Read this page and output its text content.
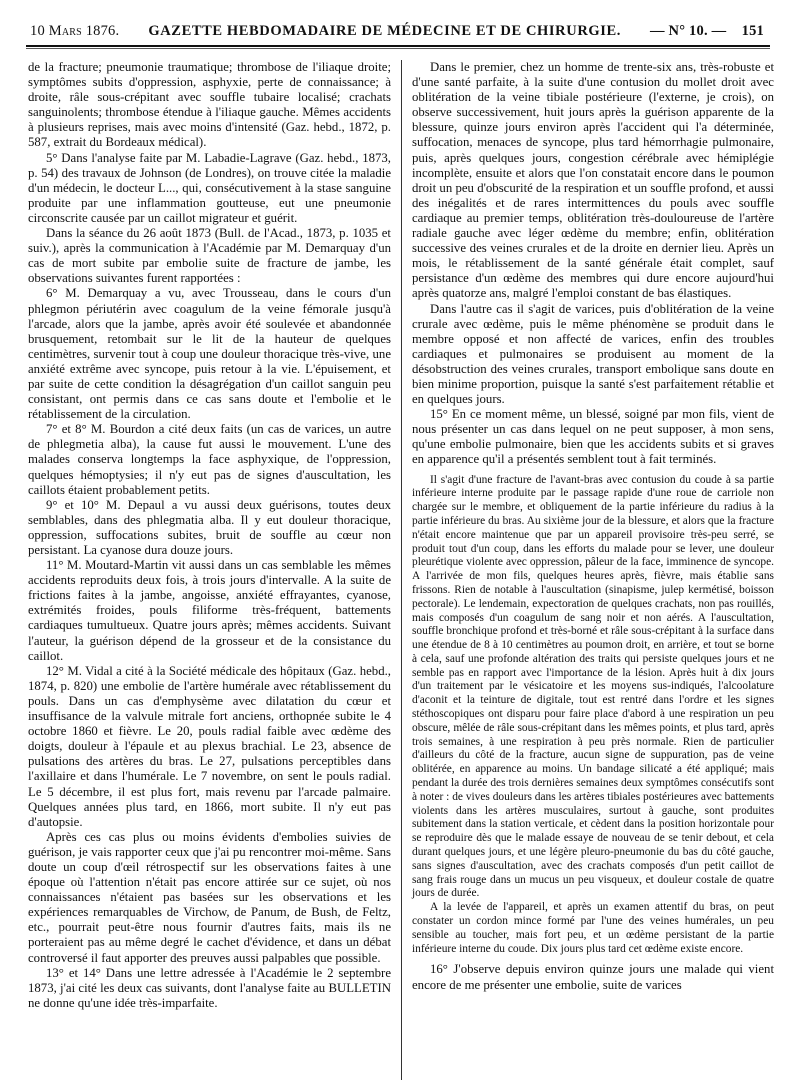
10 Mars 1876. GAZETTE HEBDOMADAIRE DE MÉDECINE ET DE CHIRURGIE. — N° 10. — 151

de la fracture; pneumonie traumatique; thrombose de l'iliaque droite; symptômes subits d'oppression, asphyxie, perte de connaissance; à droite, râle sous-crépitant avec souffle tubaire localisé; crachats sanguinolents; thrombose étendue à l'iliaque gauche. Mêmes accidents à plusieurs reprises, mais avec moins d'intensité (Gaz. hebd., 1872, p. 587, extrait du Bordeaux médical).

5° Dans l'analyse faite par M. Labadie-Lagrave (Gaz. hebd., 1873, p. 54) des travaux de Johnson (de Londres), on trouve citée la maladie d'un médecin, le docteur L..., qui, consécutivement à la stase sanguine produite par une inflammation goutteuse, eut une pneumonie circonscrite causée par un caillot migrateur et guérit.

Dans la séance du 26 août 1873 (Bull. de l'Acad., 1873, p. 1035 et suiv.), après la communication à l'Académie par M. Demarquay d'un cas de mort subite par embolie suite de fracture de jambe, les observations suivantes furent rapportées :

6° M. Demarquay a vu, avec Trousseau, dans le cours d'un phlegmon périutérin avec coagulum de la veine fémorale jusqu'à l'arcade, alors que la jambe, après avoir été soulevée et abandonnée brusquement, retombait sur le lit de la hauteur de quelques centimètres, survenir tout à coup une douleur thoracique très-vive, une anxiété extrême avec syncope, puis retour à la vie. L'épuisement, et par suite de cette condition la désagrégation d'un caillot sanguin peu consistant, ont permis dans ce cas sans doute et l'embolie et le rétablissement de la circulation.

7° et 8° M. Bourdon a cité deux faits (un cas de varices, un autre de phlegmetia alba), la cause fut aussi le mouvement. L'une des malades conserva longtemps la face asphyxique, de l'oppression, quelques hémoptysies; il n'y eut pas de signes d'auscultation, les caillots étaient probablement petits.

9° et 10° M. Depaul a vu aussi deux guérisons, toutes deux semblables, dans des phlegmatia alba. Il y eut douleur thoracique, oppression, suffocations subites, bruit de souffle au cœur non persistant. La cyanose dura douze jours.

11° M. Moutard-Martin vit aussi dans un cas semblable les mêmes accidents reproduits deux fois, à trois jours d'intervalle. A la suite de frictions faites à la jambe, angoisse, anxiété effrayantes, cyanose, extrémités froides, pouls filiforme très-fréquent, battements cardiaques tumultueux. Quatre jours après; mêmes accidents. Suivant l'auteur, la guérison dépend de la grosseur et de la consistance du caillot.

12° M. Vidal a cité à la Société médicale des hôpitaux (Gaz. hebd., 1874, p. 820) une embolie de l'artère humérale avec rétablissement du pouls. Dans un cas d'emphysème avec dilatation du cœur et insuffisance de la valvule mitrale fort anciens, orthopnée subite le 4 octobre 1860 et fièvre. Le 20, pouls radial faible avec œdème des doigts, douleur à l'épaule et au plexus brachial. Le 23, absence de pulsations des artères du bras. Le 27, pulsations perceptibles dans l'axillaire et dans l'humérale. Le 7 novembre, on sent le pouls radial. Le 5 décembre, il est plus fort, mais revenu par l'arcade palmaire. Quelques années plus tard, en 1866, mort subite. Il n'y eut pas d'autopsie.

Après ces cas plus ou moins évidents d'embolies suivies de guérison, je vais rapporter ceux que j'ai pu rencontrer moi-même. Sans doute un coup d'œil rétrospectif sur les observations faites à une époque où l'attention n'était pas encore attirée sur ce sujet, où nos connaissances n'étaient pas basées sur les observations et les expériences remarquables de Virchow, de Panum, de Bush, de Feltz, etc., pourrait peut-être nous fournir d'autres faits, mais ils ne porteraient pas au même degré le cachet d'évidence, et dans un débat controversé il faut apporter des preuves aussi palpables que possible.

13° et 14° Dans une lettre adressée à l'Académie le 2 septembre 1873, j'ai cité les deux cas suivants, dont l'analyse faite au BULLETIN ne donne qu'une idée très-imparfaite.

Dans le premier, chez un homme de trente-six ans, très-robuste et d'une santé parfaite, à la suite d'une contusion du mollet droit avec oblitération de la veine tibiale postérieure (l'externe, je crois), on observe successivement, huit jours après la guérison apparente de la blessure, quinze jours environ après l'accident qui l'a déterminée, suffocation, menaces de syncope, plus tard hémorrhagie pulmonaire, puis, après quelques jours, congestion cérébrale avec hémiplégie incomplète, ensuite et alors que l'on constatait encore dans le poumon droit un peu d'obscurité de la respiration et un souffle profond, et aussi des inégalités et de rares intermittences du pouls avec souffle cardiaque au premier temps, oblitération très-douloureuse de l'artère radiale gauche avec léger œdème du membre; enfin, oblitération successive des veines crurales et de la droite en dernier lieu. Après un mois, le rétablissement de la santé générale était complet, sauf persistance d'un œdème des membres qui dure encore aujourd'hui après quatorze ans, malgré l'emploi constant de bas élastiques.

Dans l'autre cas il s'agit de varices, puis d'oblitération de la veine crurale avec œdème, puis le même phénomène se produit dans le membre opposé et non affecté de varices, enfin des troubles cardiaques et pulmonaires se produisent au moment de la désobstruction des veines crurales, transport embolique sans doute en bien minime proportion, puisque la santé s'est parfaitement rétablie et en quelques jours.

15° En ce moment même, un blessé, soigné par mon fils, vient de nous présenter un cas dans lequel on ne peut supposer, à mon sens, qu'une embolie pulmonaire, bien que les accidents subits et si graves en apparence qu'il a présentés semblent tout à fait terminés.

Il s'agit d'une fracture de l'avant-bras avec contusion du coude à sa partie inférieure interne produite par le passage rapide d'une roue de carriole non chargée sur le membre, et obliquement de la partie inférieure du radius à la partie inférieure du bras. Au sixième jour de la blessure, et alors que la fracture n'était encore maintenue que par un appareil provisoire très-peu serré, se produit tout d'un coup, dans les efforts du malade pour se lever, une douleur pleurétique violente avec oppression, pâleur de la face, imminence de syncope. A l'arrivée de mon fils, quelques heures après, fièvre, mais établie sans frissons. Rien de notable à l'auscultation (sinapisme, julep kermétisé, boisson pectorale). Le lendemain, expectoration de quelques crachats, non pas rouillés, mais composés d'un coagulum de sang noir et non aérés. A l'auscultation, souffle bronchique profond et très-borné et râle sous-crépitant à la surface dans une étendue de 8 à 10 centimètres au poumon droit, en arrière, et tout se borne à cela, sauf une profonde altération des traits qui persiste quelques jours et ne semble pas en rapport avec l'importance de la lésion. Après huit à dix jours d'un traitement par le vésicatoire et les moyens sus-indiqués, l'alcoolature d'aconit et la teinture de digitale, tout est rentré dans l'ordre et les signes stéthoscopiques ont disparu pour faire place d'abord à une respiration un peu obscure, mêlée de râle sous-crépitant dans les mêmes points, et plus tard, après trois semaines, à une respiration à peu près normale. Rien de particulier d'ailleurs du côté de la fracture, aucun signe de suppuration, pas de veine oblitérée, en apparence au moins. Un bandage silicaté a été appliqué; mais pendant la durée des trois dernières semaines deux symptômes consécutifs sont à noter : de vives douleurs dans les artères tibiales postérieures avec battements violents dans les artères musculaires, surtout à gauche, sont produites subitement dans la station verticale, et cèdent dans la position horizontale pour se reproduire dès que le malade essaye de nouveau de se tenir debout, et cela durant quelques jours, et une légère pleuro-pneumonie du bas du côté gauche, sans signes d'auscultation, avec des crachats composés d'un petit caillot de sang frais rouge dans un mucus un peu visqueux, et douleur costale de quatre jours de durée.

A la levée de l'appareil, et après un examen attentif du bras, on peut constater un cordon mince formé par l'une des veines humérales, un peu sensible au toucher, mais fort peu, et un œdème persistant de la partie inférieure interne du coude. Dix jours plus tard cet œdème existe encore.

16° J'observe depuis environ quinze jours une malade qui vient encore de me présenter une embolie, suite de varices
